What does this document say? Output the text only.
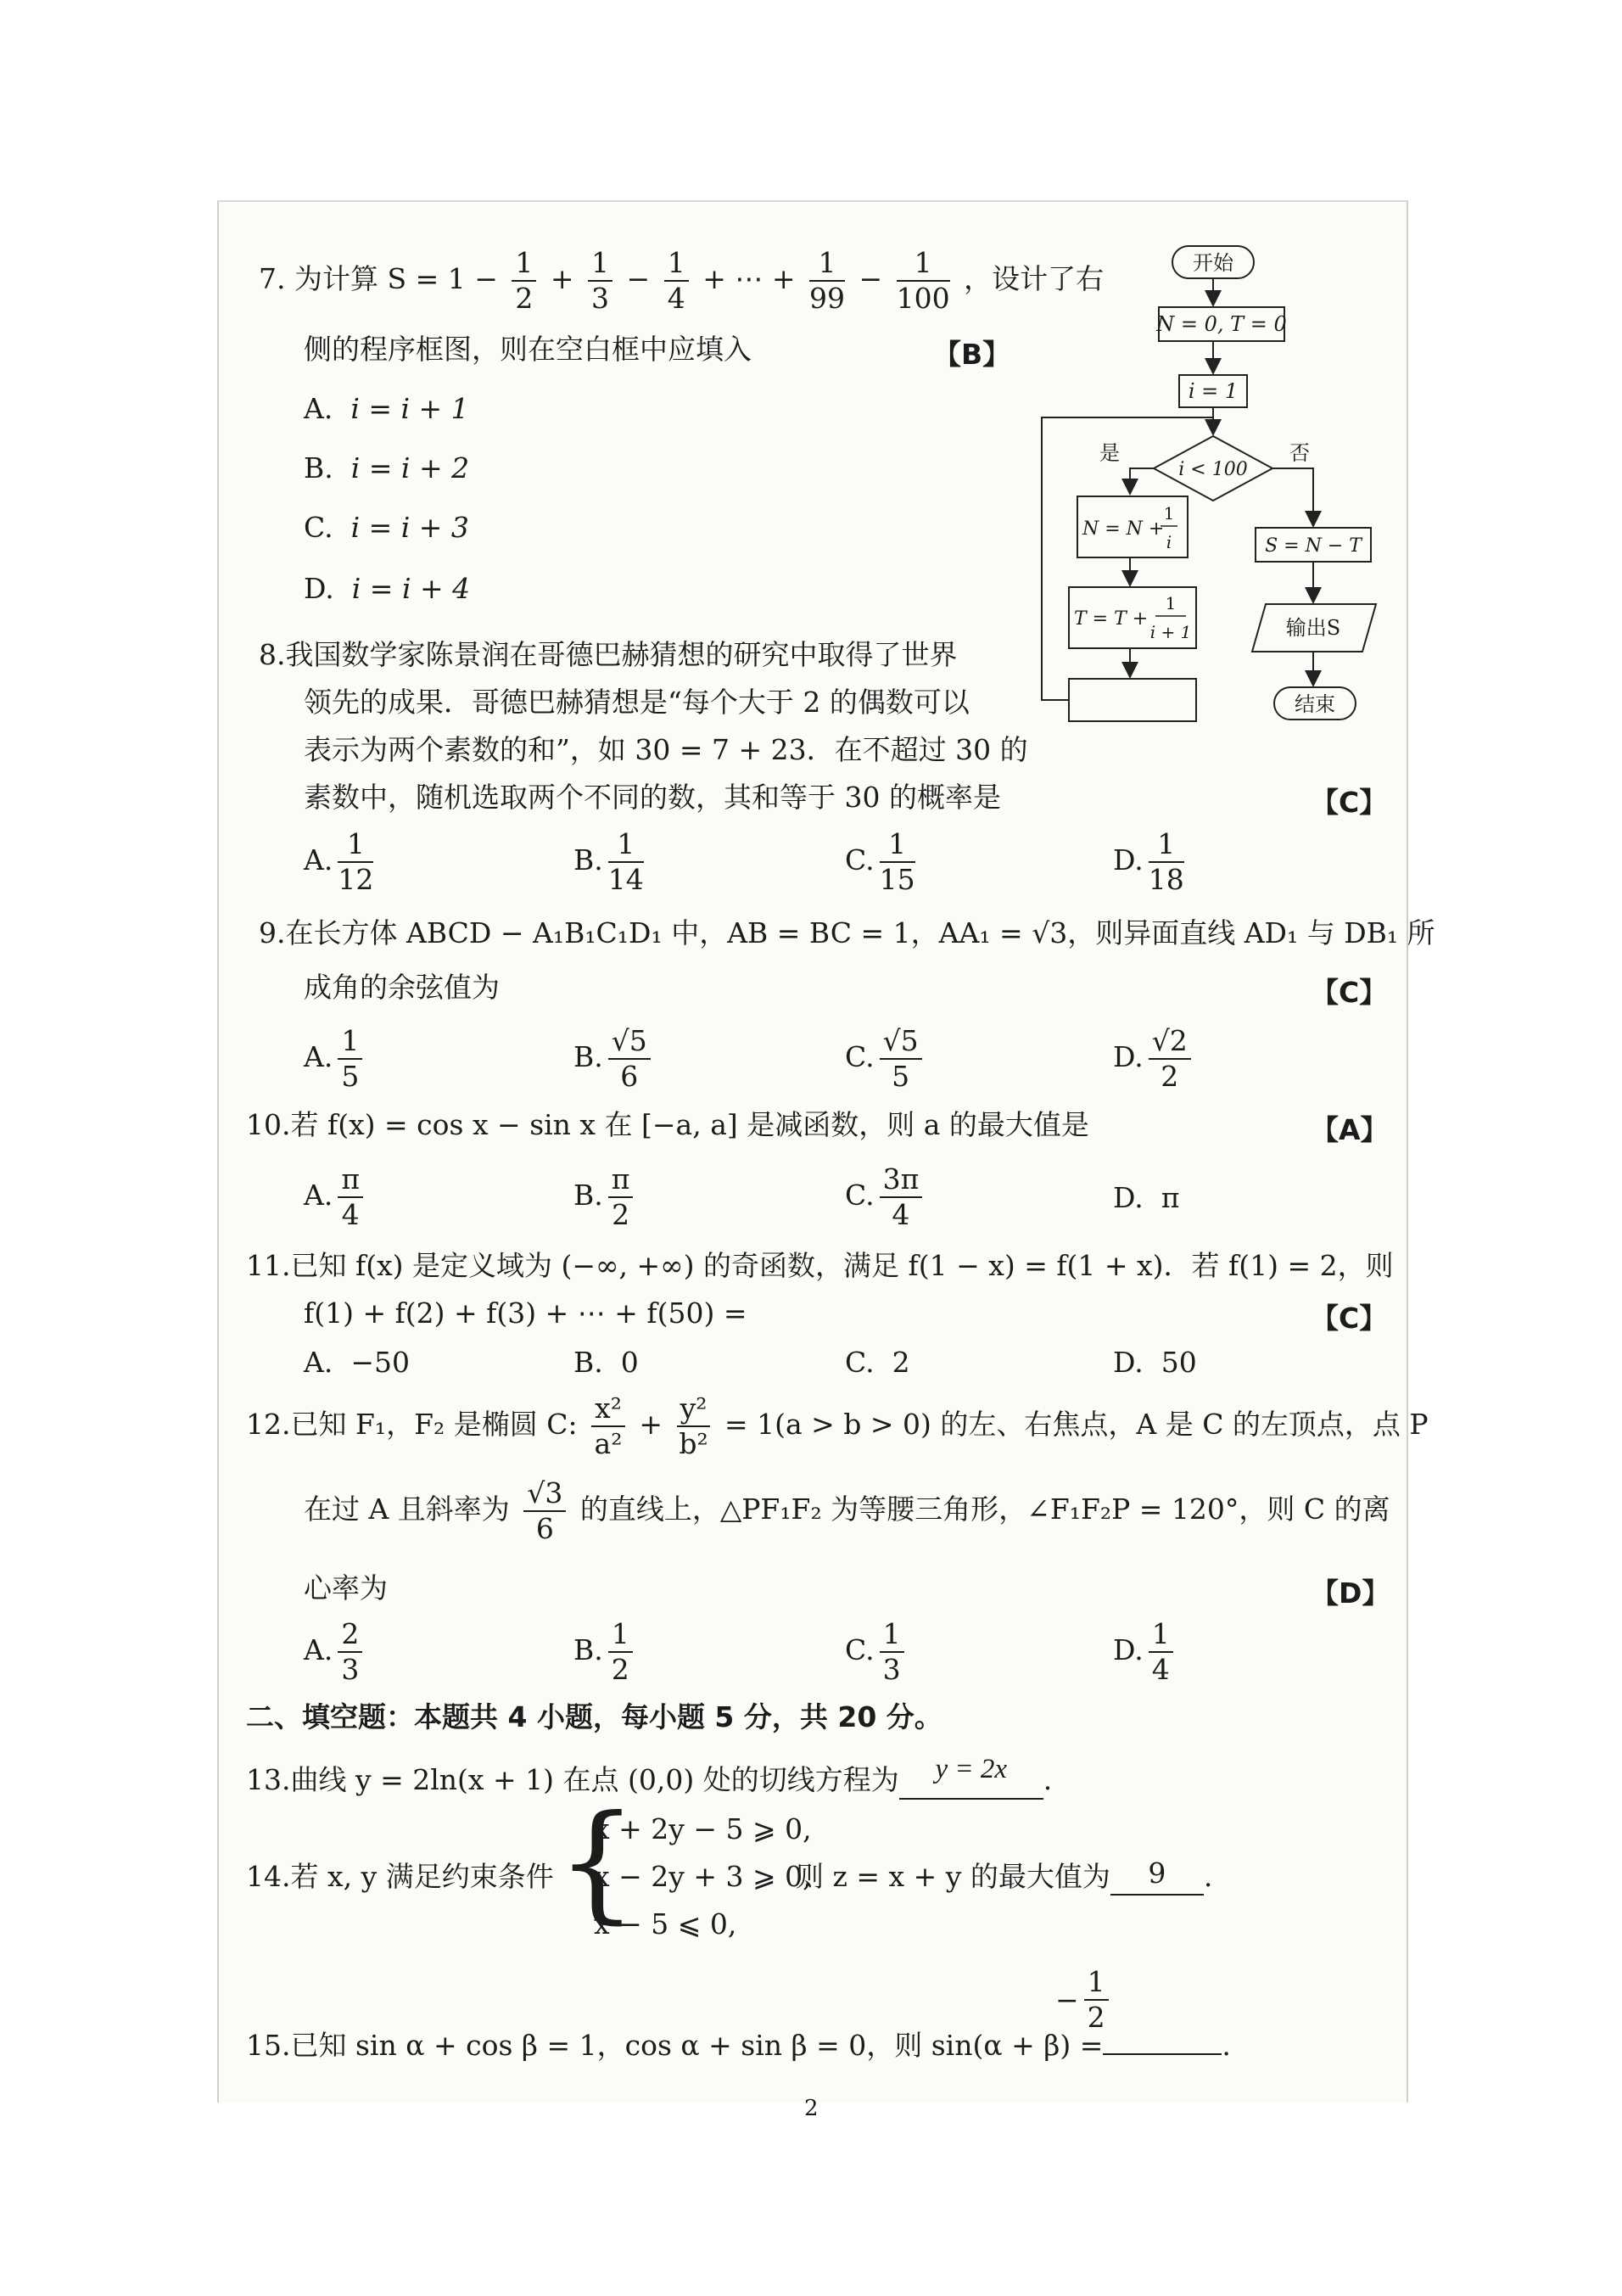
7. 为计算 $S = 1 - \frac{1}{2} + \frac{1}{3} - \frac{1}{4}$ + ⋯ + $\frac{1}{99} - \frac{1}{100}$ ，设计了右
侧的程序框图，则在空白框中应填入	【B】
A. i = i + 1
B. i = i + 2
C. i = i + 3
D. i = i + 4
开始
N = 0, T = 0
i = 1
i < 100
是	否
N = N +
1
i
T = T +
1
i + 1
S = N − T
输出S
结束
8.我国数学家陈景润在哥德巴赫猜想的研究中取得了世界
领先的成果．哥德巴赫猜想是“每个大于 2 的偶数可以
表示为两个素数的和”，如 30 = 7 + 23．在不超过 30 的
素数中，随机选取两个不同的数，其和等于 30 的概率是	【C】
A. $\frac{1}{12}$	B. $\frac{1}{14}$	C. $\frac{1}{15}$	D. $\frac{1}{18}$
9.在长方体 ABCD − A₁B₁C₁D₁ 中，AB = BC = 1，AA₁ = √3，则异面直线 AD₁ 与 DB₁ 所
成角的余弦值为	【C】
A. $\frac{1}{5}$	B. $\frac{√5}{6}$	C. $\frac{√5}{5}$	D. $\frac{√2}{2}$
10.若 f(x) = cos x − sin x 在 [−a, a] 是减函数，则 a 的最大值是	【A】
A. $\frac{\pi}{4}$	B. $\frac{\pi}{2}$	C. $\frac{3\pi}{4}$	D. π
11.已知 f(x) 是定义域为 (−∞, +∞) 的奇函数，满足 f(1 − x) = f(1 + x)．若 f(1) = 2，则
f(1) + f(2) + f(3) + ⋯ + f(50) =	【C】
A. −50	B. 0	C. 2	D. 50
12.已知 F₁，F₂ 是椭圆 C: $\frac{\text{x²}}{\text{a²}} + \frac{\text{y²}}{\text{b²}} = 1(a > b > 0)$ 的左、右焦点，A 是 C 的左顶点，点 P
在过 A 且斜率为 $\frac{√3}{6}$ 的直线上，△PF₁F₂ 为等腰三角形，∠F₁F₂P = 120°，则 C 的离
心率为	【D】
A. $\frac{2}{3}$	B. $\frac{1}{2}$	C. $\frac{1}{3}$	D. $\frac{1}{4}$
二、填空题：本题共 4 小题，每小题 5 分，共 20 分。
13.曲线 y = 2ln(x + 1) 在点 (0,0) 处的切线方程为 y = 2x .
14.若 x, y 满足约束条件 {
x + 2y − 5 ⩾ 0,
x − 2y + 3 ⩾ 0,
x − 5 ⩽ 0,
则 z = x + y 的最大值为 9 .
15.已知 sin α + cos β = 1，cos α + sin β = 0，则 sin(α + β) =	.
− $\frac{1}{2}$
2
